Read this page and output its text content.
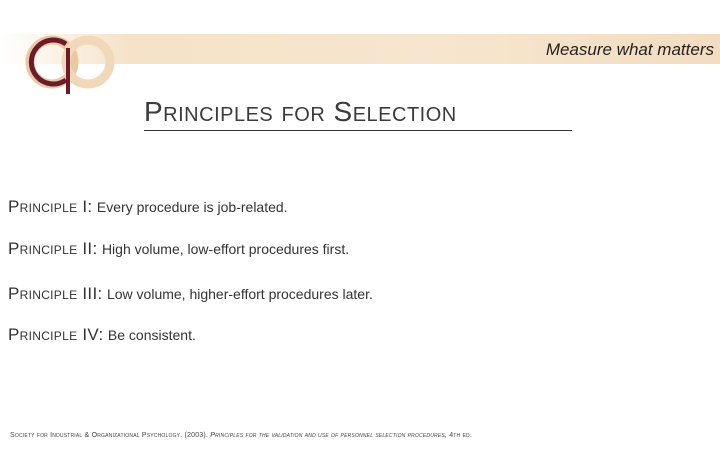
Measure what matters
Principles for Selection
Principle I: Every procedure is job-related.
Principle II: High volume, low-effort procedures first.
Principle III: Low volume, higher-effort procedures later.
Principle IV: Be consistent.
Society for Industrial & Organizational Psychology. (2003). Principles for the validation and use of personnel selection procedures, 4th ed.
